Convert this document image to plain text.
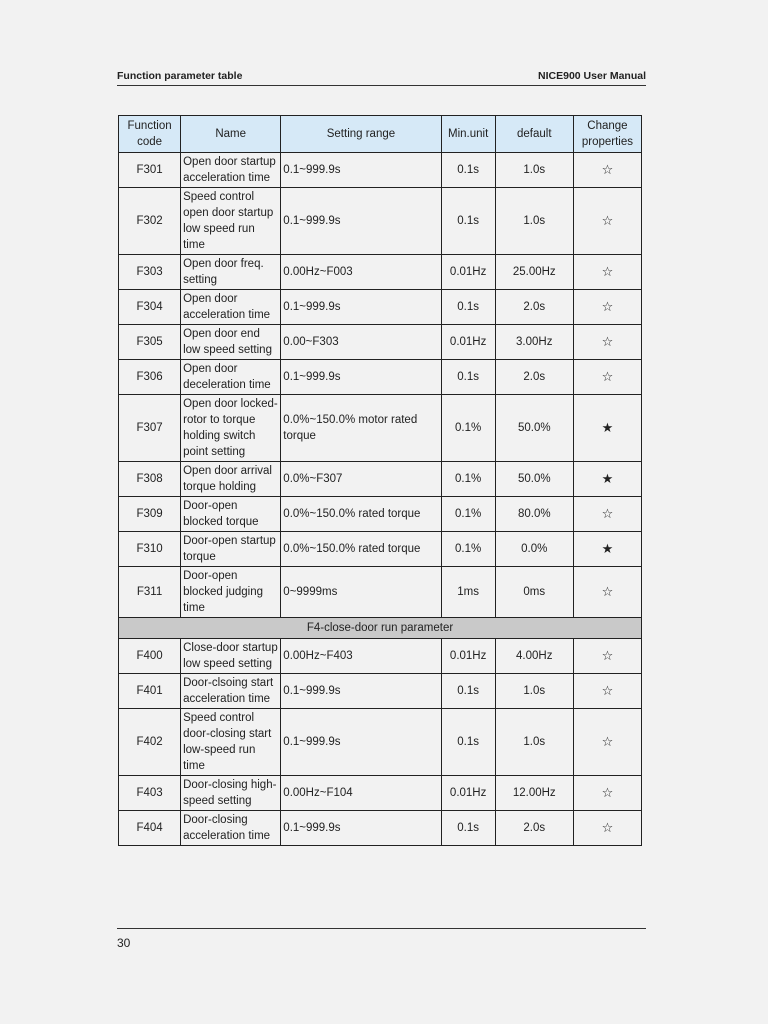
Function parameter table	NICE900 User Manual
Function code	Name	Setting range	Min.unit	default	Change properties
F301	Open door startup acceleration time	0.1~999.9s	0.1s	1.0s	☆
F302	Speed control open door startup low speed run time	0.1~999.9s	0.1s	1.0s	☆
F303	Open door freq. setting	0.00Hz~F003	0.01Hz	25.00Hz	☆
F304	Open door acceleration time	0.1~999.9s	0.1s	2.0s	☆
F305	Open door end low speed setting	0.00~F303	0.01Hz	3.00Hz	☆
F306	Open door deceleration time	0.1~999.9s	0.1s	2.0s	☆
F307	Open door locked-rotor to torque holding switch point setting	0.0%~150.0% motor rated torque	0.1%	50.0%	★
F308	Open door arrival torque holding	0.0%~F307	0.1%	50.0%	★
F309	Door-open blocked torque	0.0%~150.0% rated torque	0.1%	80.0%	☆
F310	Door-open startup torque	0.0%~150.0% rated torque	0.1%	0.0%	★
F311	Door-open blocked judging time	0~9999ms	1ms	0ms	☆
F4-close-door run parameter					
F400	Close-door startup low speed setting	0.00Hz~F403	0.01Hz	4.00Hz	☆
F401	Door-clsoing start acceleration time	0.1~999.9s	0.1s	1.0s	☆
F402	Speed control door-closing start low-speed run time	0.1~999.9s	0.1s	1.0s	☆
F403	Door-closing high-speed setting	0.00Hz~F104	0.01Hz	12.00Hz	☆
F404	Door-closing acceleration time	0.1~999.9s	0.1s	2.0s	☆
30
